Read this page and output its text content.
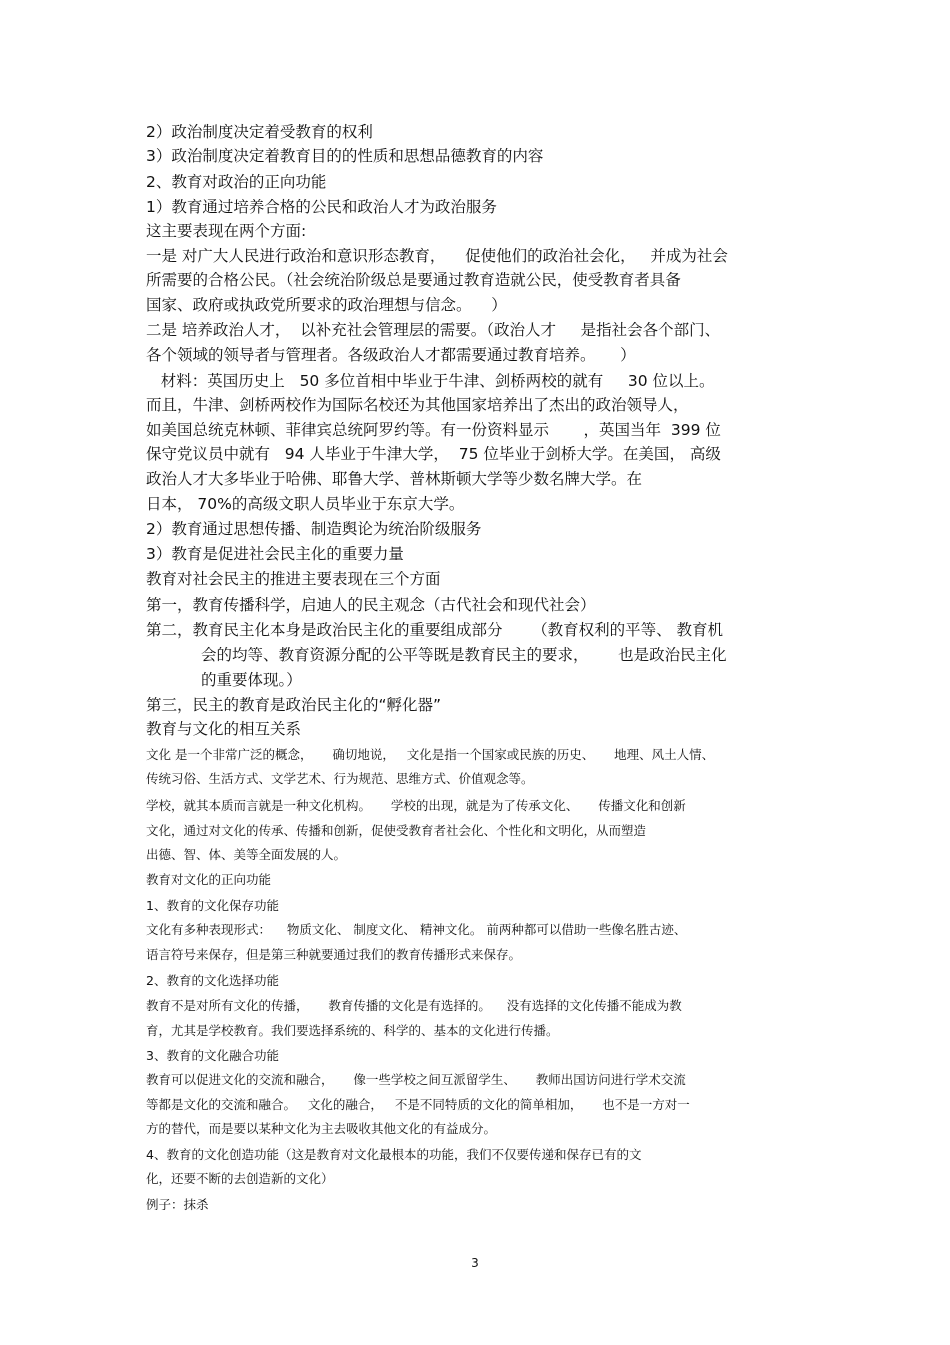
2）政治制度决定着受教育的权利
3）政治制度决定着教育目的的性质和思想品德教育的内容
2、教育对政治的正向功能
1）教育通过培养合格的公民和政治人才为政治服务
这主要表现在两个方面:
一是 对广大人民进行政治和意识形态教育，    促使他们的政治社会化，   并成为社会
所需要的合格公民。（社会统治阶级总是要通过教育造就公民，使受教育者具备
国家、政府或执政党所要求的政治理想与信念。    ）
二是 培养政治人才，  以补充社会管理层的需要。（政治人才     是指社会各个部门、
各个领域的领导者与管理者。各级政治人才都需要通过教育培养。     ）
材料：英国历史上   50 多位首相中毕业于牛津、剑桥两校的就有     30 位以上。
而且，牛津、剑桥两校作为国际名校还为其他国家培养出了杰出的政治领导人，
如美国总统克林顿、菲律宾总统阿罗约等。有一份资料显示       ，英国当年  399 位
保守党议员中就有   94 人毕业于牛津大学，  75 位毕业于剑桥大学。在美国， 高级
政治人才大多毕业于哈佛、耶鲁大学、普林斯顿大学等少数名牌大学。在
日本， 70%的高级文职人员毕业于东京大学。
2）教育通过思想传播、制造舆论为统治阶级服务
3）教育是促进社会民主化的重要力量
教育对社会民主的推进主要表现在三个方面
第一，教育传播科学，启迪人的民主观念（古代社会和现代社会）
第二，教育民主化本身是政治民主化的重要组成部分      （教育权利的平等、 教育机
会的均等、教育资源分配的公平等既是教育民主的要求，      也是政治民主化
的重要体现。）
第三，民主的教育是政治民主化的“孵化器”
教育与文化的相互关系
文化 是一个非常广泛的概念，     确切地说，   文化是指一个国家或民族的历史、     地理、风土人情、
传统习俗、生活方式、文学艺术、行为规范、思维方式、价值观念等。
学校，就其本质而言就是一种文化机构。     学校的出现，就是为了传承文化、     传播文化和创新
文化，通过对文化的传承、传播和创新，促使受教育者社会化、个性化和文明化，从而塑造
出德、智、体、美等全面发展的人。
教育对文化的正向功能
1、教育的文化保存功能
文化有多种表现形式：    物质文化、 制度文化、 精神文化。 前两种都可以借助一些像名胜古迹、
语言符号来保存，但是第三种就要通过我们的教育传播形式来保存。
2、教育的文化选择功能
教育不是对所有文化的传播，     教育传播的文化是有选择的。    没有选择的文化传播不能成为教
育，尤其是学校教育。我们要选择系统的、科学的、基本的文化进行传播。
3、教育的文化融合功能
教育可以促进文化的交流和融合，     像一些学校之间互派留学生、     教师出国访问进行学术交流
等都是文化的交流和融合。   文化的融合，   不是不同特质的文化的简单相加，     也不是一方对一
方的替代，而是要以某种文化为主去吸收其他文化的有益成分。
4、教育的文化创造功能（这是教育对文化最根本的功能，我们不仅要传递和保存已有的文
化，还要不断的去创造新的文化）
例子：抹杀
3
